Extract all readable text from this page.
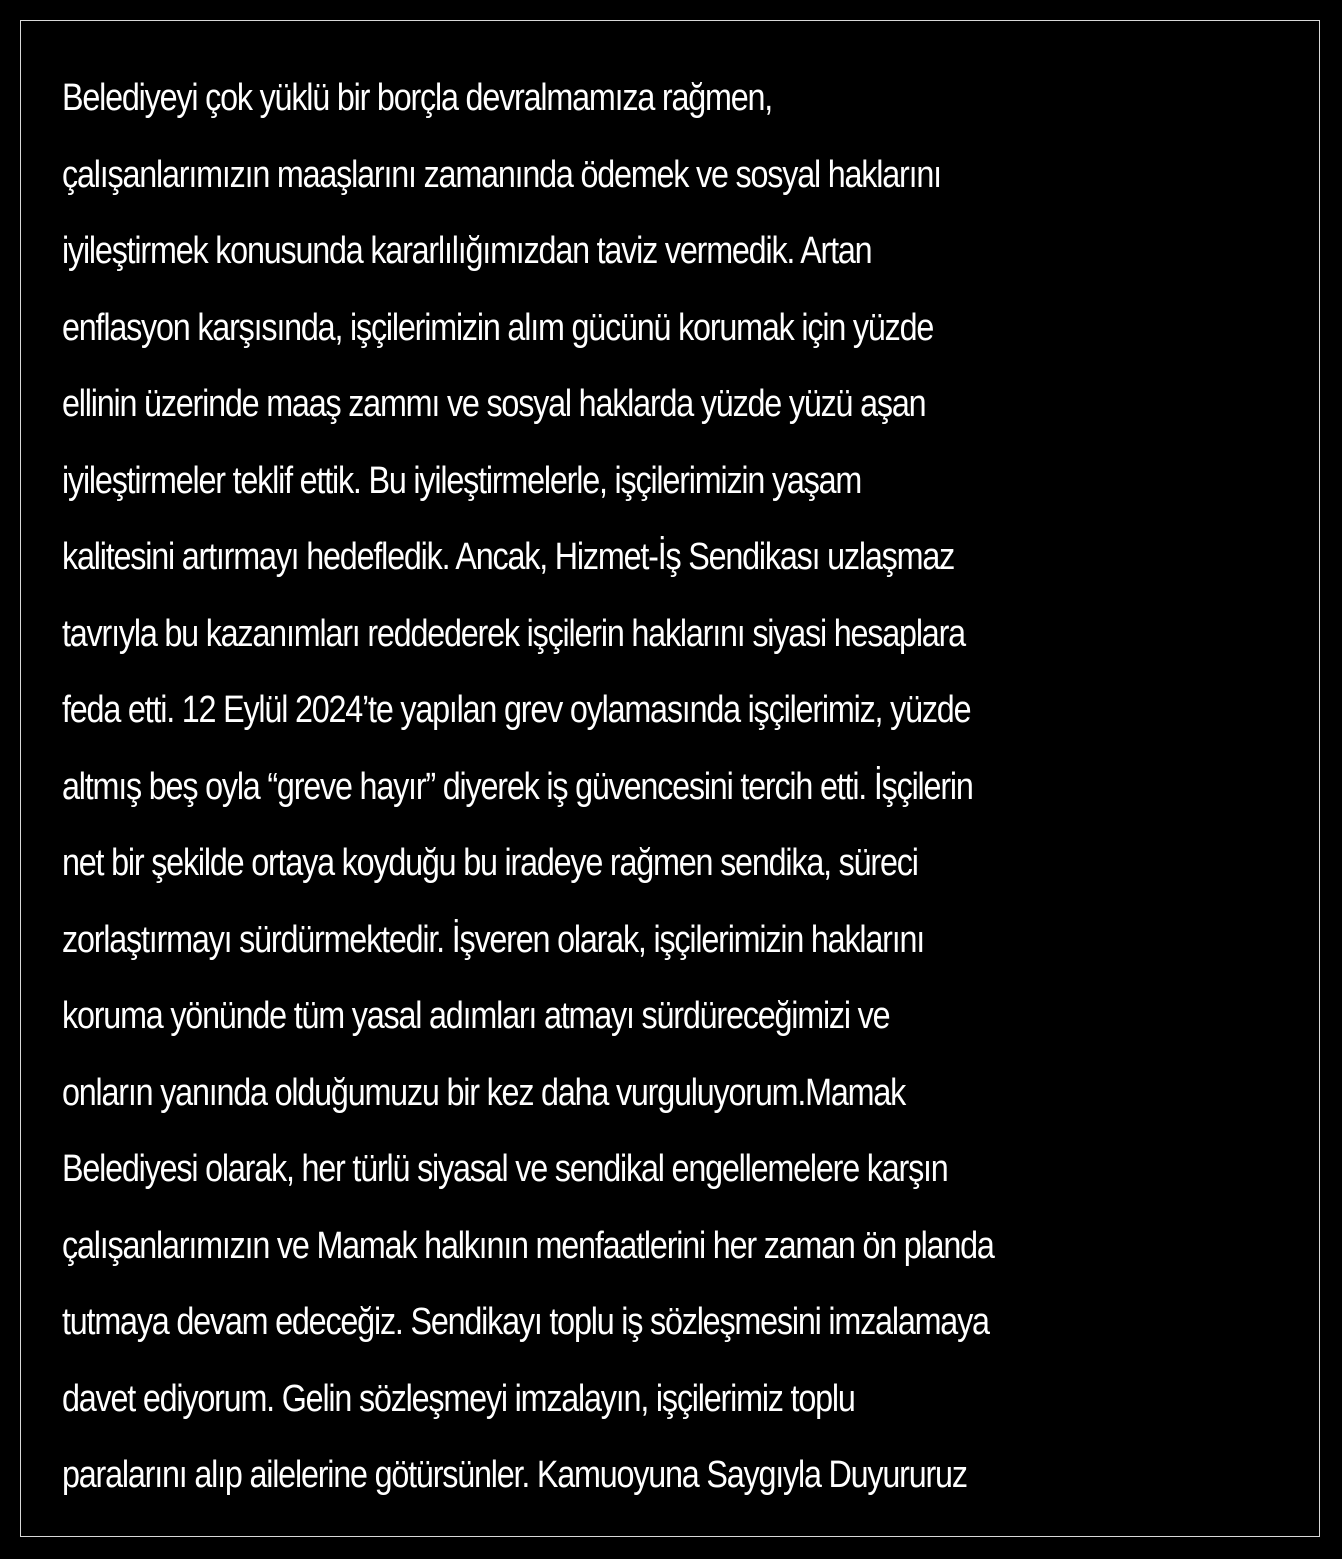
Belediyeyi çok yüklü bir borçla devralmamıza rağmen,
çalışanlarımızın maaşlarını zamanında ödemek ve sosyal haklarını
iyileştirmek konusunda kararlılığımızdan taviz vermedik. Artan
enflasyon karşısında, işçilerimizin alım gücünü korumak için yüzde
ellinin üzerinde maaş zammı ve sosyal haklarda yüzde yüzü aşan
iyileştirmeler teklif ettik. Bu iyileştirmelerle, işçilerimizin yaşam
kalitesini artırmayı hedefledik. Ancak, Hizmet-İş Sendikası uzlaşmaz
tavrıyla bu kazanımları reddederek işçilerin haklarını siyasi hesaplara
feda etti. 12 Eylül 2024’te yapılan grev oylamasında işçilerimiz, yüzde
altmış beş oyla “greve hayır” diyerek iş güvencesini tercih etti. İşçilerin
net bir şekilde ortaya koyduğu bu iradeye rağmen sendika, süreci
zorlaştırmayı sürdürmektedir. İşveren olarak, işçilerimizin haklarını
koruma yönünde tüm yasal adımları atmayı sürdüreceğimizi ve
onların yanında olduğumuzu bir kez daha vurguluyorum.Mamak
Belediyesi olarak, her türlü siyasal ve sendikal engellemelere karşın
çalışanlarımızın ve Mamak halkının menfaatlerini her zaman ön planda
tutmaya devam edeceğiz. Sendikayı toplu iş sözleşmesini imzalamaya
davet ediyorum. Gelin sözleşmeyi imzalayın, işçilerimiz toplu
paralarını alıp ailelerine götürsünler. Kamuoyuna Saygıyla Duyururuz
